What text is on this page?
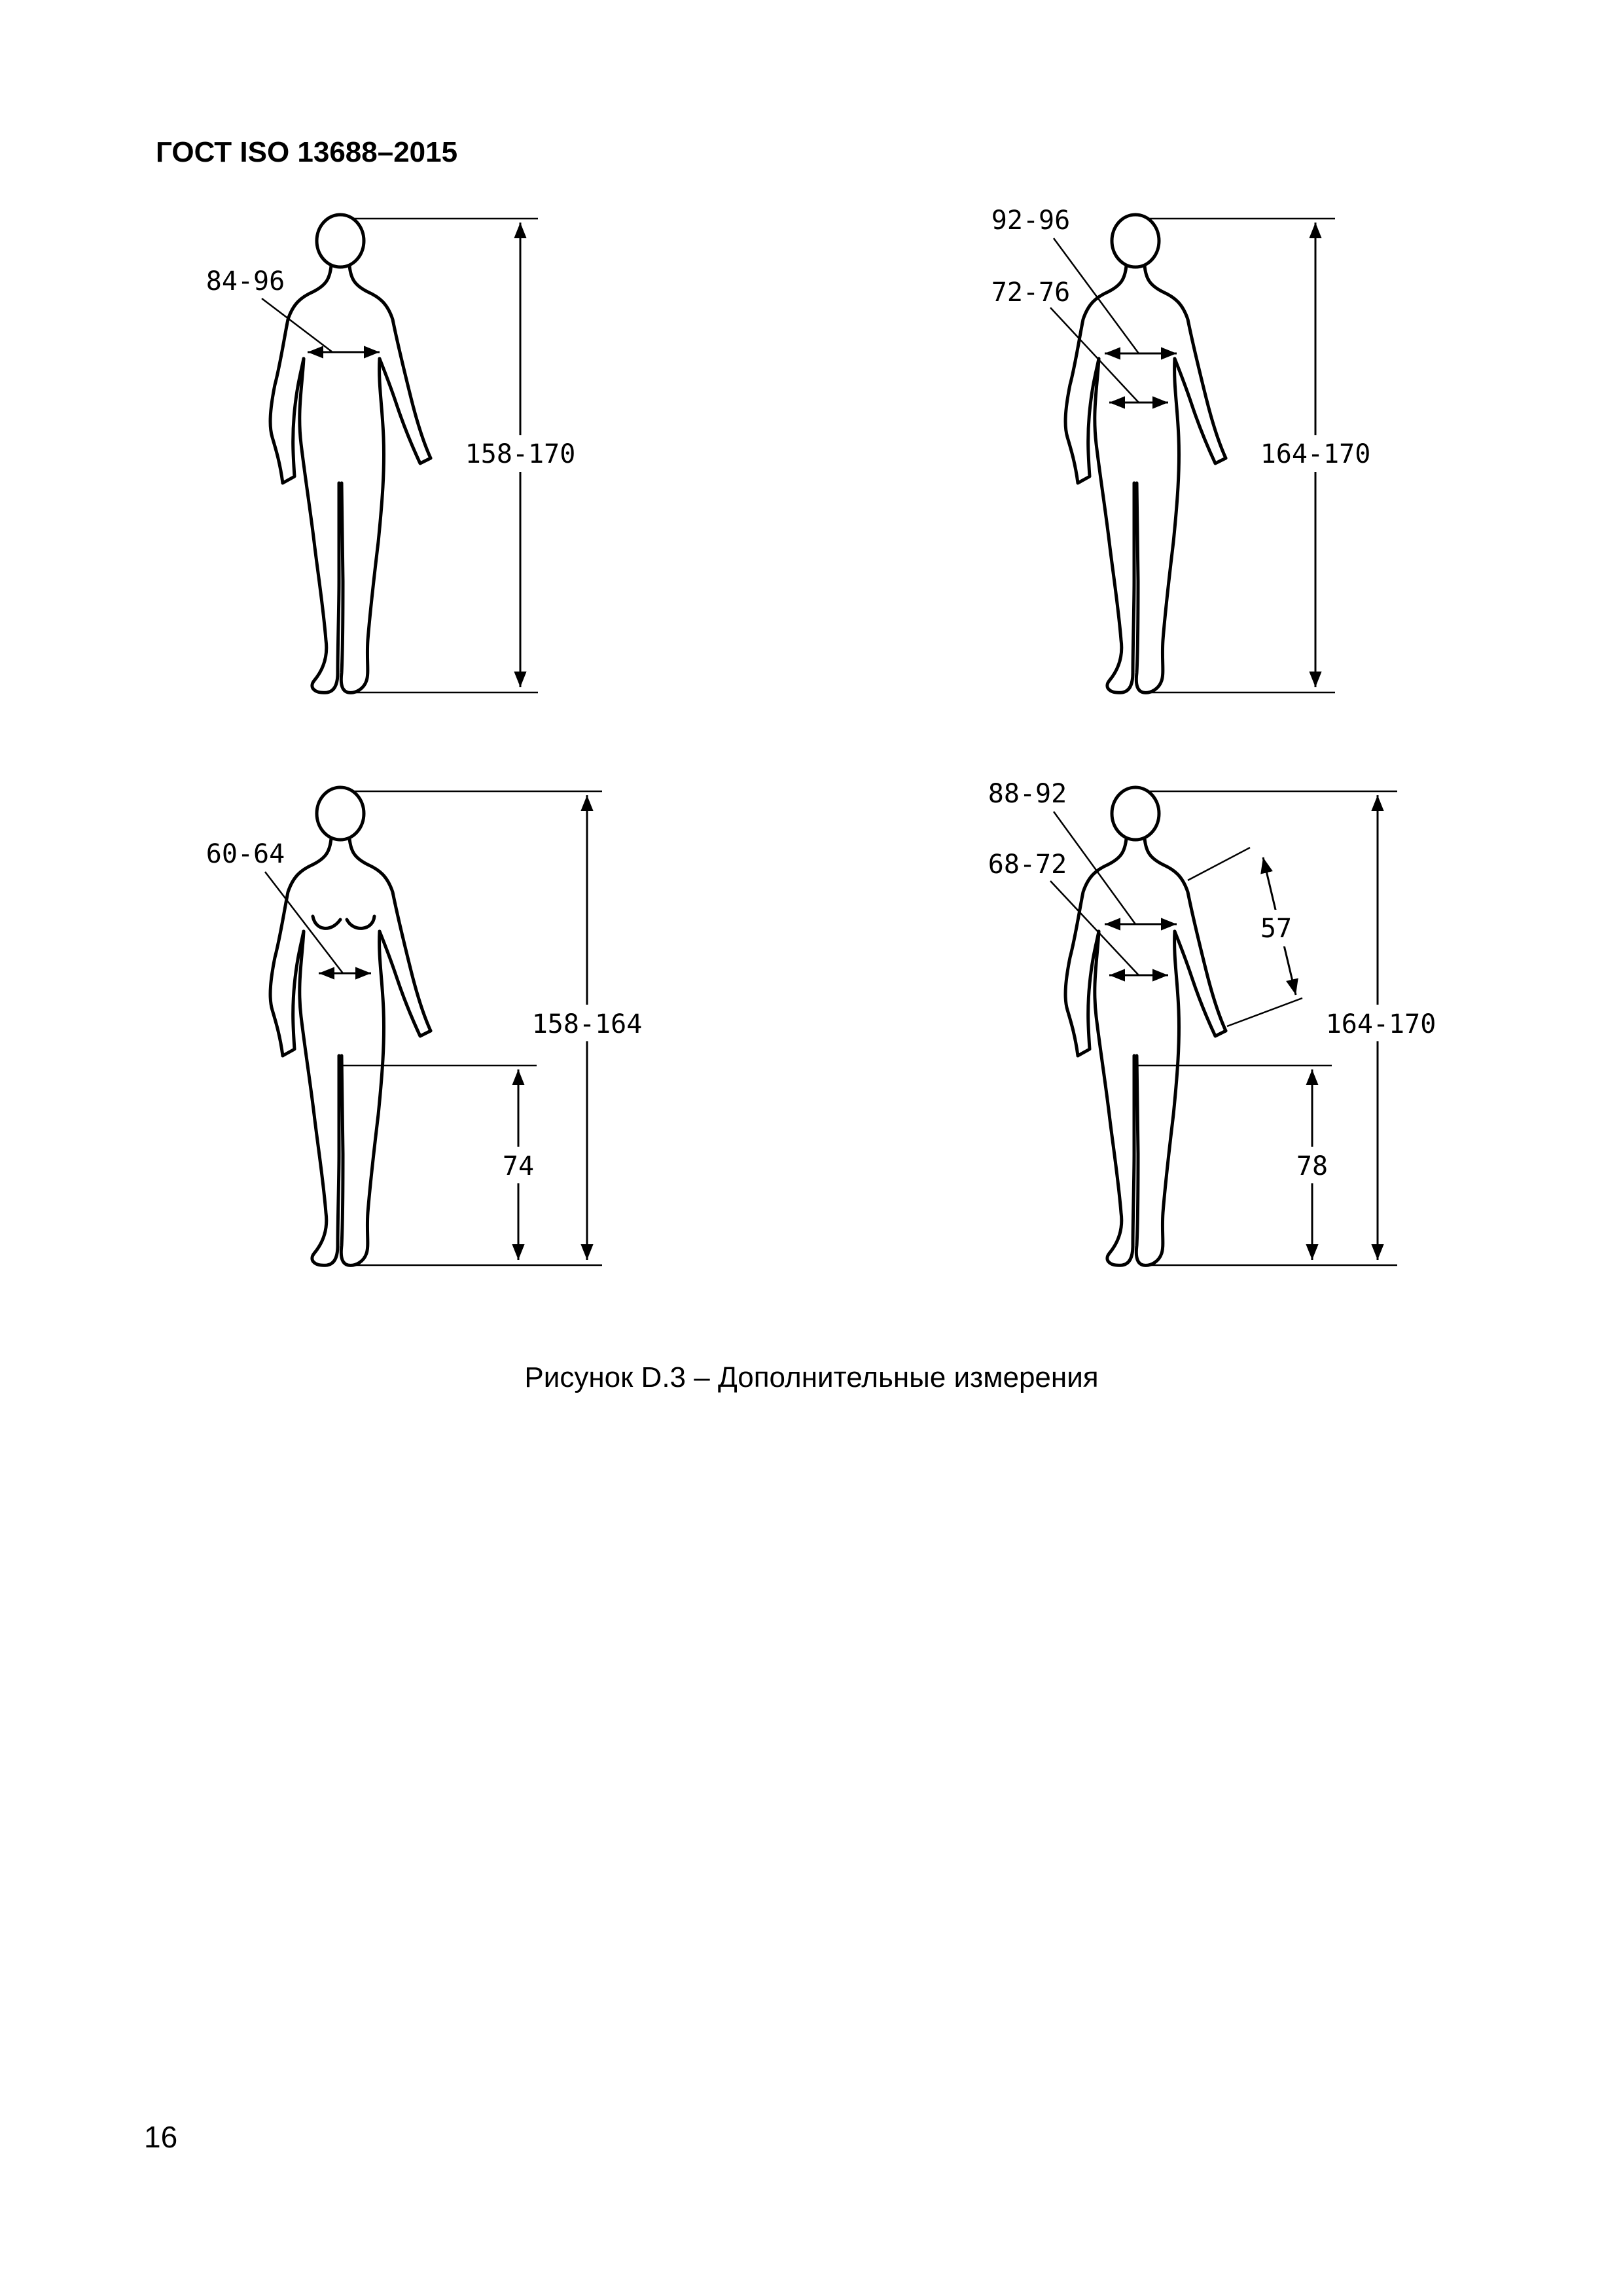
ГОСТ ISO 13688–2015
158-170
84-96
164-170
92-96
72-76
158-164
74
60-64
164-170
78
88-92
68-72
57
Рисунок D.3 – Дополнительные измерения
16
